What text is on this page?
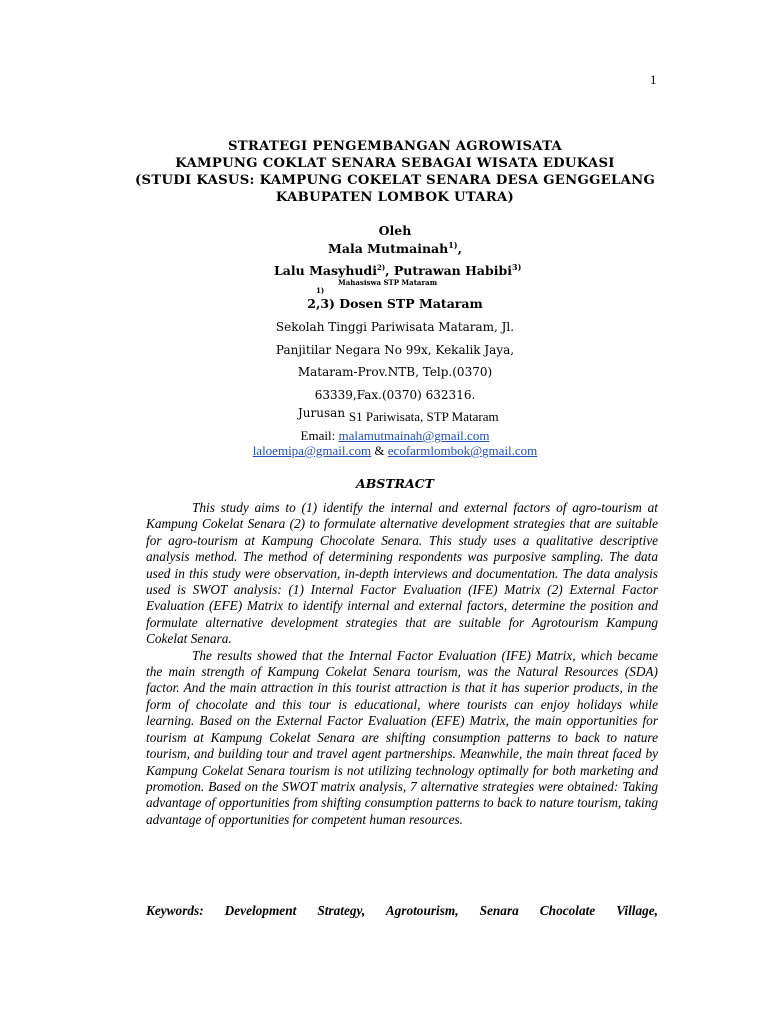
1
STRATEGI PENGEMBANGAN AGROWISATA
KAMPUNG COKLAT SENARA SEBAGAI WISATA EDUKASI
(STUDI KASUS: KAMPUNG COKELAT SENARA DESA GENGGELANG
KABUPATEN LOMBOK UTARA)
Oleh
Mala Mutmainah$^{1)}$,
Lalu Masyhudi$^{2)}$, Putrawan Habibi$^{3)}$
Mahasiswa STP Mataram
1)
2,3) Dosen STP Mataram
Sekolah Tinggi Pariwisata Mataram, Jl.
Panjitilar Negara No 99x, Kekalik Jaya,
Mataram-Prov.NTB, Telp.(0370)
63339,Fax.(0370) 632316.
Jurusan S1 Pariwisata, STP Mataram
Email: malamutmainah@gmail.com
laloemipa@gmail.com & ecofarmlombok@gmail.com
ABSTRACT

This study aims to (1) identify the internal and external factors of agro-tourism at Kampung Cokelat Senara (2) to formulate alternative development strategies that are suitable for agro-tourism at Kampung Chocolate Senara. This study uses a qualitative descriptive analysis method. The method of determining respondents was purposive sampling. The data used in this study were observation, in-depth interviews and documentation. The data analysis used is SWOT analysis: (1) Internal Factor Evaluation (IFE) Matrix (2) External Factor Evaluation (EFE) Matrix to identify internal and external factors, determine the position and formulate alternative development strategies that are suitable for Agrotourism Kampung Cokelat Senara.

The results showed that the Internal Factor Evaluation (IFE) Matrix, which became the main strength of Kampung Cokelat Senara tourism, was the Natural Resources (SDA) factor. And the main attraction in this tourist attraction is that it has superior products, in the form of chocolate and this tour is educational, where tourists can enjoy holidays while learning. Based on the External Factor Evaluation (EFE) Matrix, the main opportunities for tourism at Kampung Cokelat Senara are shifting consumption patterns to back to nature tourism, and building tour and travel agent partnerships. Meanwhile, the main threat faced by Kampung Cokelat Senara tourism is not utilizing technology optimally for both marketing and promotion. Based on the SWOT matrix analysis, 7 alternative strategies were obtained: Taking advantage of opportunities from shifting consumption patterns to back to nature tourism, taking advantage of opportunities for competent human resources.

Keywords: Development Strategy, Agrotourism, Senara Chocolate Village,
